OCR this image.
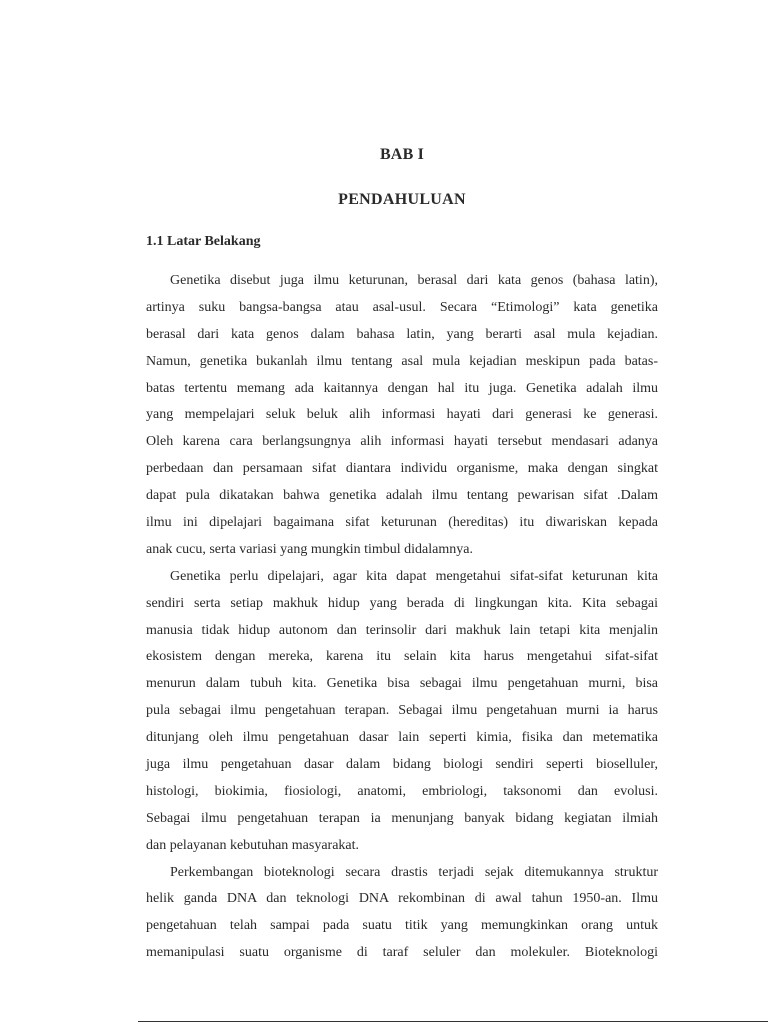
BAB I
PENDAHULUAN
1.1 Latar Belakang
Genetika disebut juga ilmu keturunan, berasal dari kata genos (bahasa latin),
artinya suku bangsa-bangsa atau asal-usul. Secara “Etimologi” kata genetika
berasal dari kata genos dalam bahasa latin, yang berarti asal mula kejadian.
Namun, genetika bukanlah ilmu tentang asal mula kejadian meskipun pada batas-
batas tertentu memang ada kaitannya dengan hal itu juga. Genetika adalah ilmu
yang mempelajari seluk beluk alih informasi hayati dari generasi ke generasi.
Oleh karena cara berlangsungnya alih informasi hayati tersebut mendasari adanya
perbedaan dan persamaan sifat diantara individu organisme, maka dengan singkat
dapat pula dikatakan bahwa genetika adalah ilmu tentang pewarisan sifat .Dalam
ilmu ini dipelajari bagaimana sifat keturunan (hereditas) itu diwariskan kepada
anak cucu, serta variasi yang mungkin timbul didalamnya.
Genetika perlu dipelajari, agar kita dapat mengetahui sifat-sifat keturunan kita
sendiri serta setiap makhuk hidup yang berada di lingkungan kita. Kita sebagai
manusia tidak hidup autonom dan terinsolir dari makhuk lain tetapi kita menjalin
ekosistem dengan mereka, karena itu selain kita harus mengetahui sifat-sifat
menurun dalam tubuh kita. Genetika bisa sebagai ilmu pengetahuan murni, bisa
pula sebagai ilmu pengetahuan terapan. Sebagai ilmu pengetahuan murni ia harus
ditunjang oleh ilmu pengetahuan dasar lain seperti kimia, fisika dan metematika
juga ilmu pengetahuan dasar dalam bidang biologi sendiri seperti bioselluler,
histologi, biokimia, fiosiologi, anatomi, embriologi, taksonomi dan evolusi.
Sebagai ilmu pengetahuan terapan ia menunjang banyak bidang kegiatan ilmiah
dan pelayanan kebutuhan masyarakat.
Perkembangan bioteknologi secara drastis terjadi sejak ditemukannya struktur
helik ganda DNA dan teknologi DNA rekombinan di awal tahun 1950-an. Ilmu
pengetahuan telah sampai pada suatu titik yang memungkinkan orang untuk
memanipulasi suatu organisme di taraf seluler dan molekuler. Bioteknologi
